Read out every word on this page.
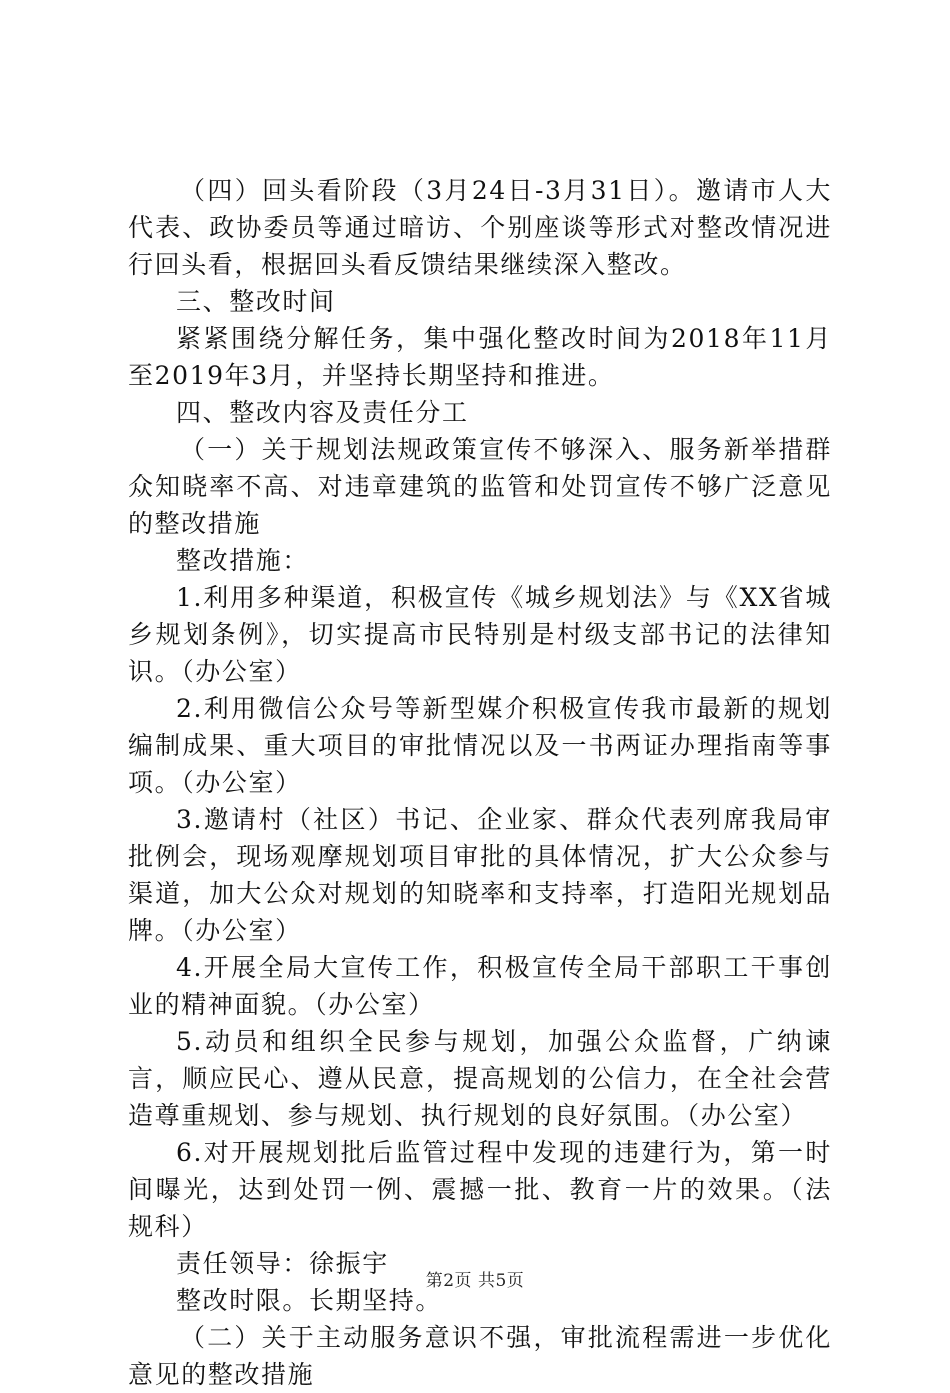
（四）回头看阶段（3月24日-3月31日）。邀请市人大代表、政协委员等通过暗访、个别座谈等形式对整改情况进行回头看，根据回头看反馈结果继续深入整改。

三、整改时间

紧紧围绕分解任务，集中强化整改时间为2018年11月至2019年3月，并坚持长期坚持和推进。

四、整改内容及责任分工

（一）关于规划法规政策宣传不够深入、服务新举措群众知晓率不高、对违章建筑的监管和处罚宣传不够广泛意见的整改措施

整改措施：

1.利用多种渠道，积极宣传《城乡规划法》与《XX省城乡规划条例》，切实提高市民特别是村级支部书记的法律知识。（办公室）

2.利用微信公众号等新型媒介积极宣传我市最新的规划编制成果、重大项目的审批情况以及一书两证办理指南等事项。（办公室）

3.邀请村（社区）书记、企业家、群众代表列席我局审批例会，现场观摩规划项目审批的具体情况，扩大公众参与渠道，加大公众对规划的知晓率和支持率，打造阳光规划品牌。（办公室）

4.开展全局大宣传工作，积极宣传全局干部职工干事创业的精神面貌。（办公室）

5.动员和组织全民参与规划，加强公众监督，广纳谏言，顺应民心、遵从民意，提高规划的公信力，在全社会营造尊重规划、参与规划、执行规划的良好氛围。（办公室）

6.对开展规划批后监管过程中发现的违建行为，第一时间曝光，达到处罚一例、震撼一批、教育一片的效果。（法规科）

责任领导：徐振宇

整改时限。长期坚持。

（二）关于主动服务意识不强，审批流程需进一步优化意见的整改措施

第2页 共5页
